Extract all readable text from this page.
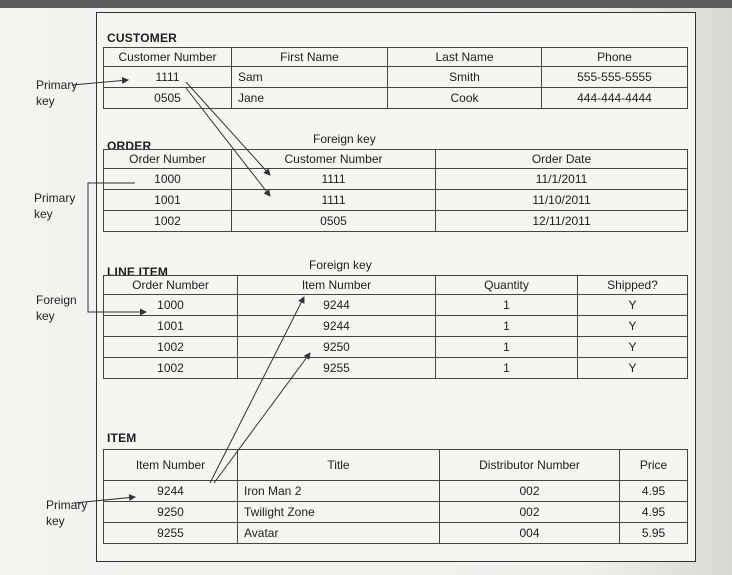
Primary
key
Primary
key
Foreign
key
Primary
key
CUSTOMER
Customer Number	First Name	Last Name	Phone
1111	Sam	Smith	555-555-5555
0505	Jane	Cook	444-444-4444
ORDER	Foreign key
Order Number	Customer Number	Order Date
1000	1111	11/1/2011
1001	1111	11/10/2011
1002	0505	12/11/2011
LINE ITEM	Foreign key
Order Number	Item Number	Quantity	Shipped?
1000	9244	1	Y
1001	9244	1	Y
1002	9250	1	Y
1002	9255	1	Y
ITEM
Item Number	Title	Distributor Number	Price
9244	Iron Man 2	002	4.95
9250	Twilight Zone	002	4.95
9255	Avatar	004	5.95
